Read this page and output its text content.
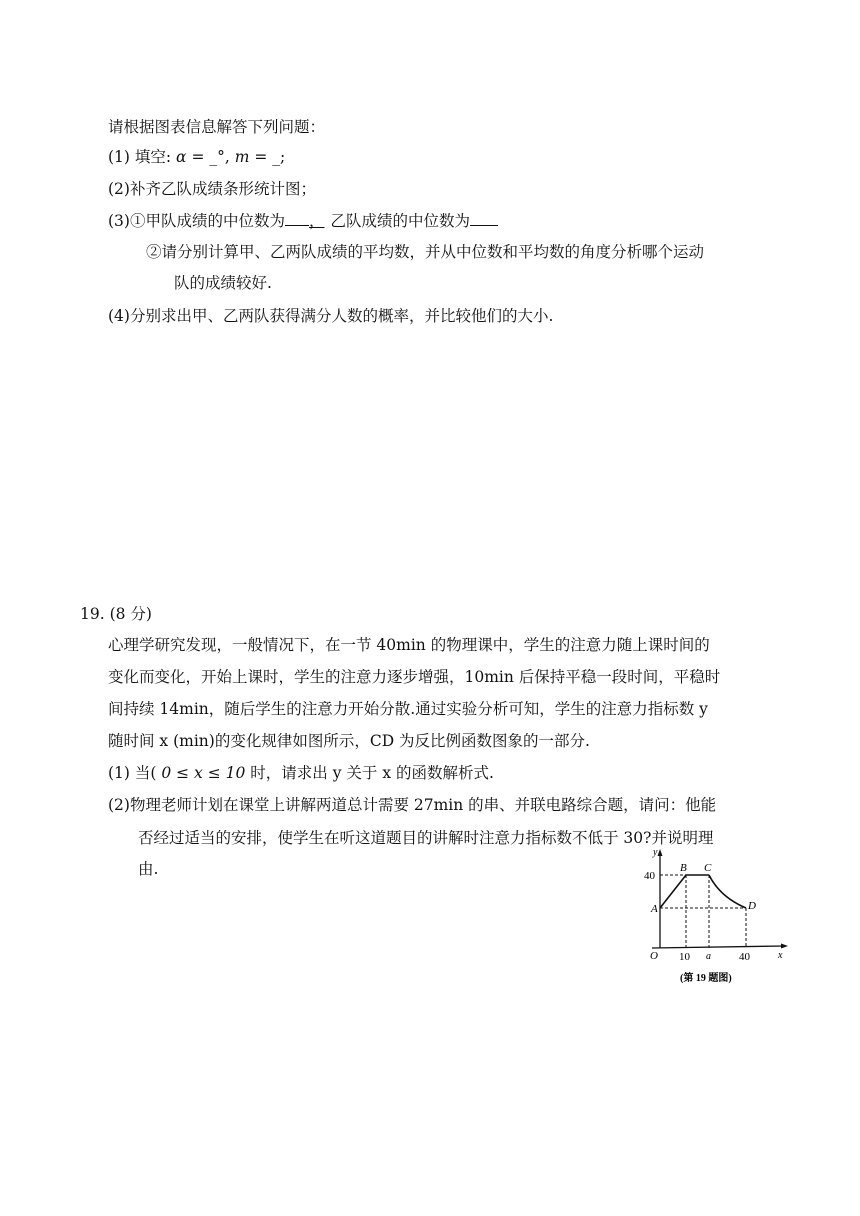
请根据图表信息解答下列问题：
(1) 填空: α = _°, m = _;
(2)补齐乙队成绩条形统计图；
(3)①甲队成绩的中位数为 ， 乙队成绩的中位数为
②请分别计算甲、乙两队成绩的平均数，并从中位数和平均数的角度分析哪个运动
队的成绩较好.
(4)分别求出甲、乙两队获得满分人数的概率，并比较他们的大小.
19. (8 分)
心理学研究发现，一般情况下，在一节 40min 的物理课中，学生的注意力随上课时间的
变化而变化，开始上课时，学生的注意力逐步增强，10min 后保持平稳一段时间，平稳时
间持续 14min，随后学生的注意力开始分散.通过实验分析可知，学生的注意力指标数 y
随时间 x (min)的变化规律如图所示，CD 为反比例函数图象的一部分.
(1) 当( 0 ≤ x ≤ 10 时，请求出 y 关于 x 的函数解析式.
(2)物理老师计划在课堂上讲解两道总计需要 27min 的串、并联电路综合题，请问：他能
否经过适当的安排，使学生在听这道题目的讲解时注意力指标数不低于 30?并说明理
由.
y
x
O
40
A
B C
D
10 a	40
(第 19 题图)
